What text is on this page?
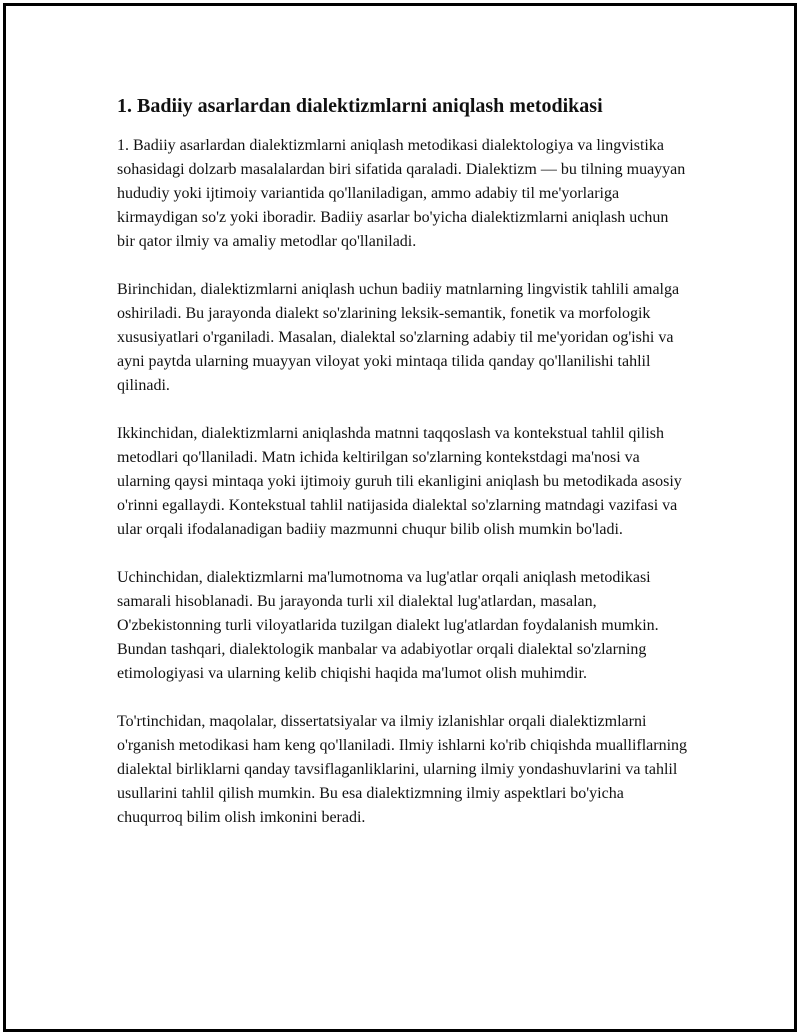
1. Badiiy asarlardan dialektizmlarni aniqlash metodikasi

1. Badiiy asarlardan dialektizmlarni aniqlash metodikasi dialektologiya va lingvistika sohasidagi dolzarb masalalardan biri sifatida qaraladi. Dialektizm — bu tilning muayyan hududiy yoki ijtimoiy variantida qo'llaniladigan, ammo adabiy til me'yorlariga kirmaydigan so'z yoki iboradir. Badiiy asarlar bo'yicha dialektizmlarni aniqlash uchun bir qator ilmiy va amaliy metodlar qo'llaniladi.

Birinchidan, dialektizmlarni aniqlash uchun badiiy matnlarning lingvistik tahlili amalga oshiriladi. Bu jarayonda dialekt so'zlarining leksik-semantik, fonetik va morfologik xususiyatlari o'rganiladi. Masalan, dialektal so'zlarning adabiy til me'yoridan og'ishi va ayni paytda ularning muayyan viloyat yoki mintaqa tilida qanday qo'llanilishi tahlil qilinadi.

Ikkinchidan, dialektizmlarni aniqlashda matnni taqqoslash va kontekstual tahlil qilish metodlari qo'llaniladi. Matn ichida keltirilgan so'zlarning kontekstdagi ma'nosi va ularning qaysi mintaqa yoki ijtimoiy guruh tili ekanligini aniqlash bu metodikada asosiy o'rinni egallaydi. Kontekstual tahlil natijasida dialektal so'zlarning matndagi vazifasi va ular orqali ifodalanadigan badiiy mazmunni chuqur bilib olish mumkin bo'ladi.

Uchinchidan, dialektizmlarni ma'lumotnoma va lug'atlar orqali aniqlash metodikasi samarali hisoblanadi. Bu jarayonda turli xil dialektal lug'atlardan, masalan, O'zbekistonning turli viloyatlarida tuzilgan dialekt lug'atlardan foydalanish mumkin. Bundan tashqari, dialektologik manbalar va adabiyotlar orqali dialektal so'zlarning etimologiyasi va ularning kelib chiqishi haqida ma'lumot olish muhimdir.

To'rtinchidan, maqolalar, dissertatsiyalar va ilmiy izlanishlar orqali dialektizmlarni o'rganish metodikasi ham keng qo'llaniladi. Ilmiy ishlarni ko'rib chiqishda mualliflarning dialektal birliklarni qanday tavsiflaganliklarini, ularning ilmiy yondashuvlarini va tahlil usullarini tahlil qilish mumkin. Bu esa dialektizmning ilmiy aspektlari bo'yicha chuqurroq bilim olish imkonini beradi.
